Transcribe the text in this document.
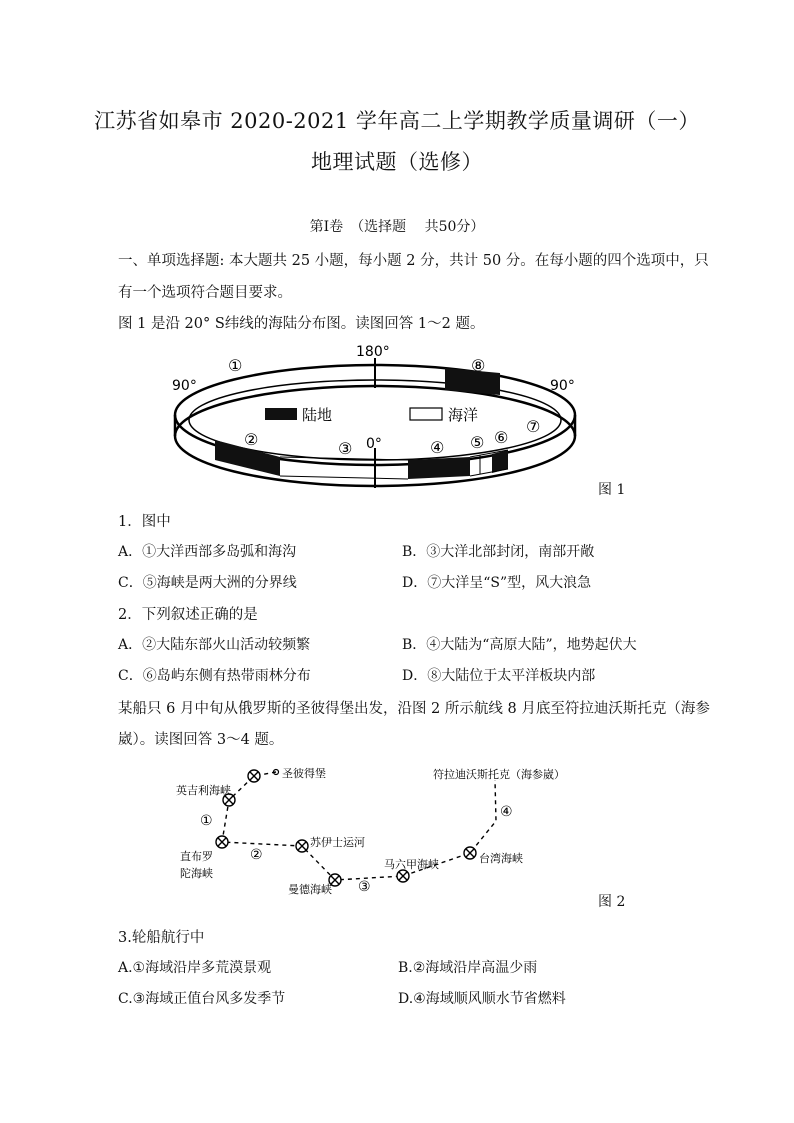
江苏省如皋市 2020-2021 学年高二上学期教学质量调研（一）
地理试题（选修）
第Ⅰ卷　（选择题　 共50分）
一、单项选择题: 本大题共 25 小题，每小题 2 分，共计 50 分。在每小题的四个选项中，只
有一个选项符合题目要求。
图 1 是沿 20° S纬线的海陆分布图。读图回答 1～2 题。
陆地	海洋
180°
0°
90°	90°
①
②	③	④ ⑤ ⑥
⑦
⑧
图 1
1．图中
A．①大洋西部多岛弧和海沟	B．③大洋北部封闭，南部开敞
C．⑤海峡是两大洲的分界线	D．⑦大洋呈“S”型，风大浪急
2．下列叙述正确的是
A．②大陆东部火山活动较频繁	B．④大陆为“高原大陆”，地势起伏大
C．⑥岛屿东侧有热带雨林分布	D．⑧大陆位于太平洋板块内部
某船只 6 月中旬从俄罗斯的圣彼得堡出发，沿图 2 所示航线 8 月底至符拉迪沃斯托克（海参
崴）。读图回答 3～4 题。
圣彼得堡
英吉利海峡
直布罗
陀海峡
苏伊士运河
曼德海峡
马六甲海峡	台湾海峡
符拉迪沃斯托克（海参崴）
①
②
③
④
图 2
3.轮船航行中
A.①海域沿岸多荒漠景观	B.②海域沿岸高温少雨
C.③海域正值台风多发季节	D.④海域顺风顺水节省燃料
